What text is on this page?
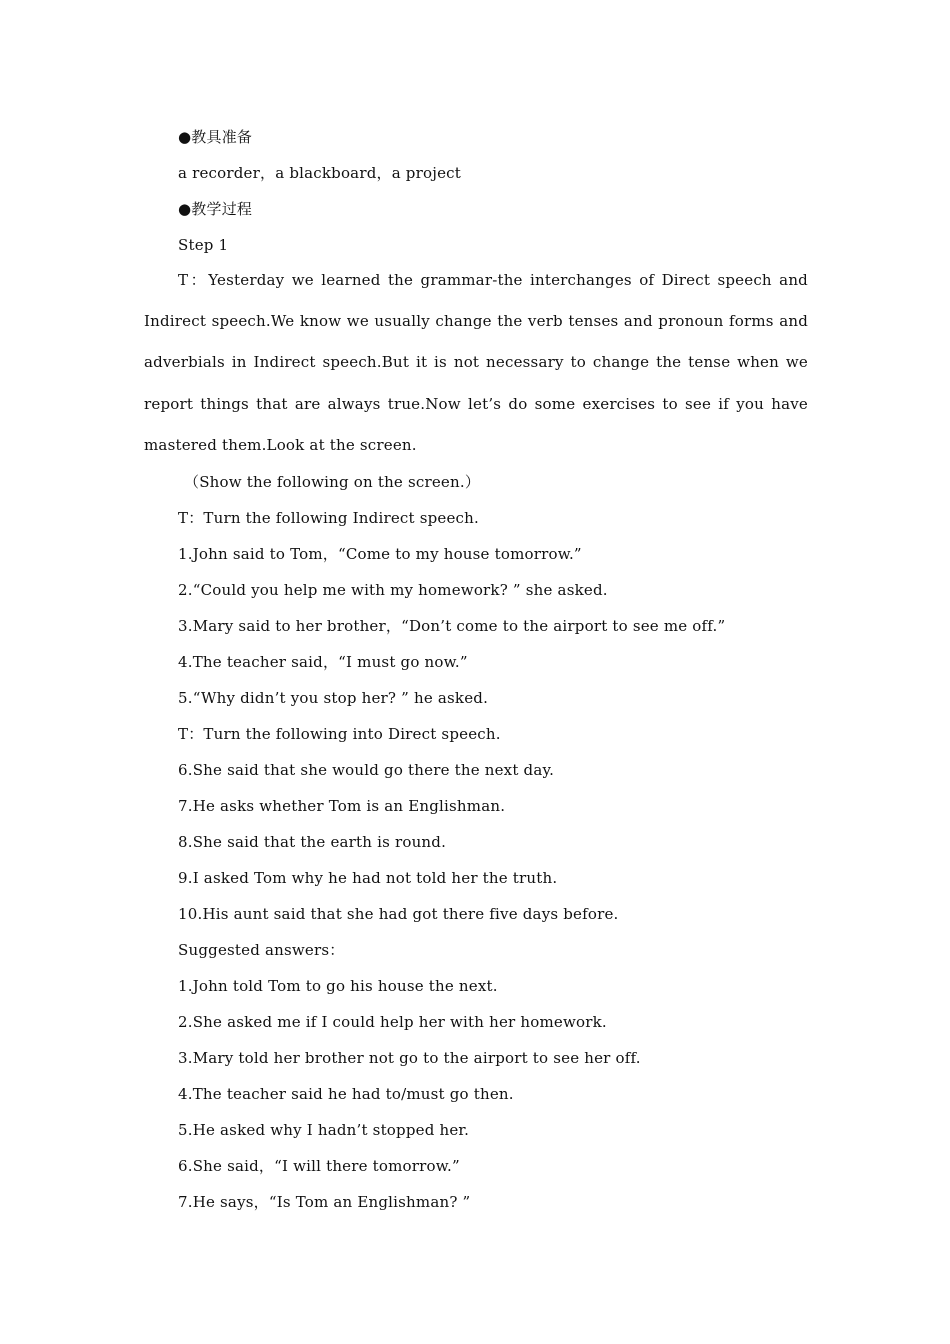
●教具准备
a recorder，a blackboard，a project
●教学过程
Step 1
T：Yesterday we learned the grammar-the interchanges of Direct speech and Indirect speech.We know we usually change the verb tenses and pronoun forms and adverbials in Indirect speech.But it is not necessary to change the tense when we report things that are always true.Now let’s do some exercises to see if you have mastered them.Look at the screen.
（Show the following on the screen.）
T：Turn the following Indirect speech.
1.John said to Tom，“Come to my house tomorrow.”
2.“Could you help me with my homework? ” she asked.
3.Mary said to her brother，“Don’t come to the airport to see me off.”
4.The teacher said，“I must go now.”
5.“Why didn’t you stop her? ” he asked.
T：Turn the following into Direct speech.
6.She said that she would go there the next day.
7.He asks whether Tom is an Englishman.
8.She said that the earth is round.
9.I asked Tom why he had not told her the truth.
10.His aunt said that she had got there five days before.
Suggested answers：
1.John told Tom to go his house the next.
2.She asked me if I could help her with her homework.
3.Mary told her brother not go to the airport to see her off.
4.The teacher said he had to/must go then.
5.He asked why I hadn’t stopped her.
6.She said，“I will there tomorrow.”
7.He says，“Is Tom an Englishman? ”
